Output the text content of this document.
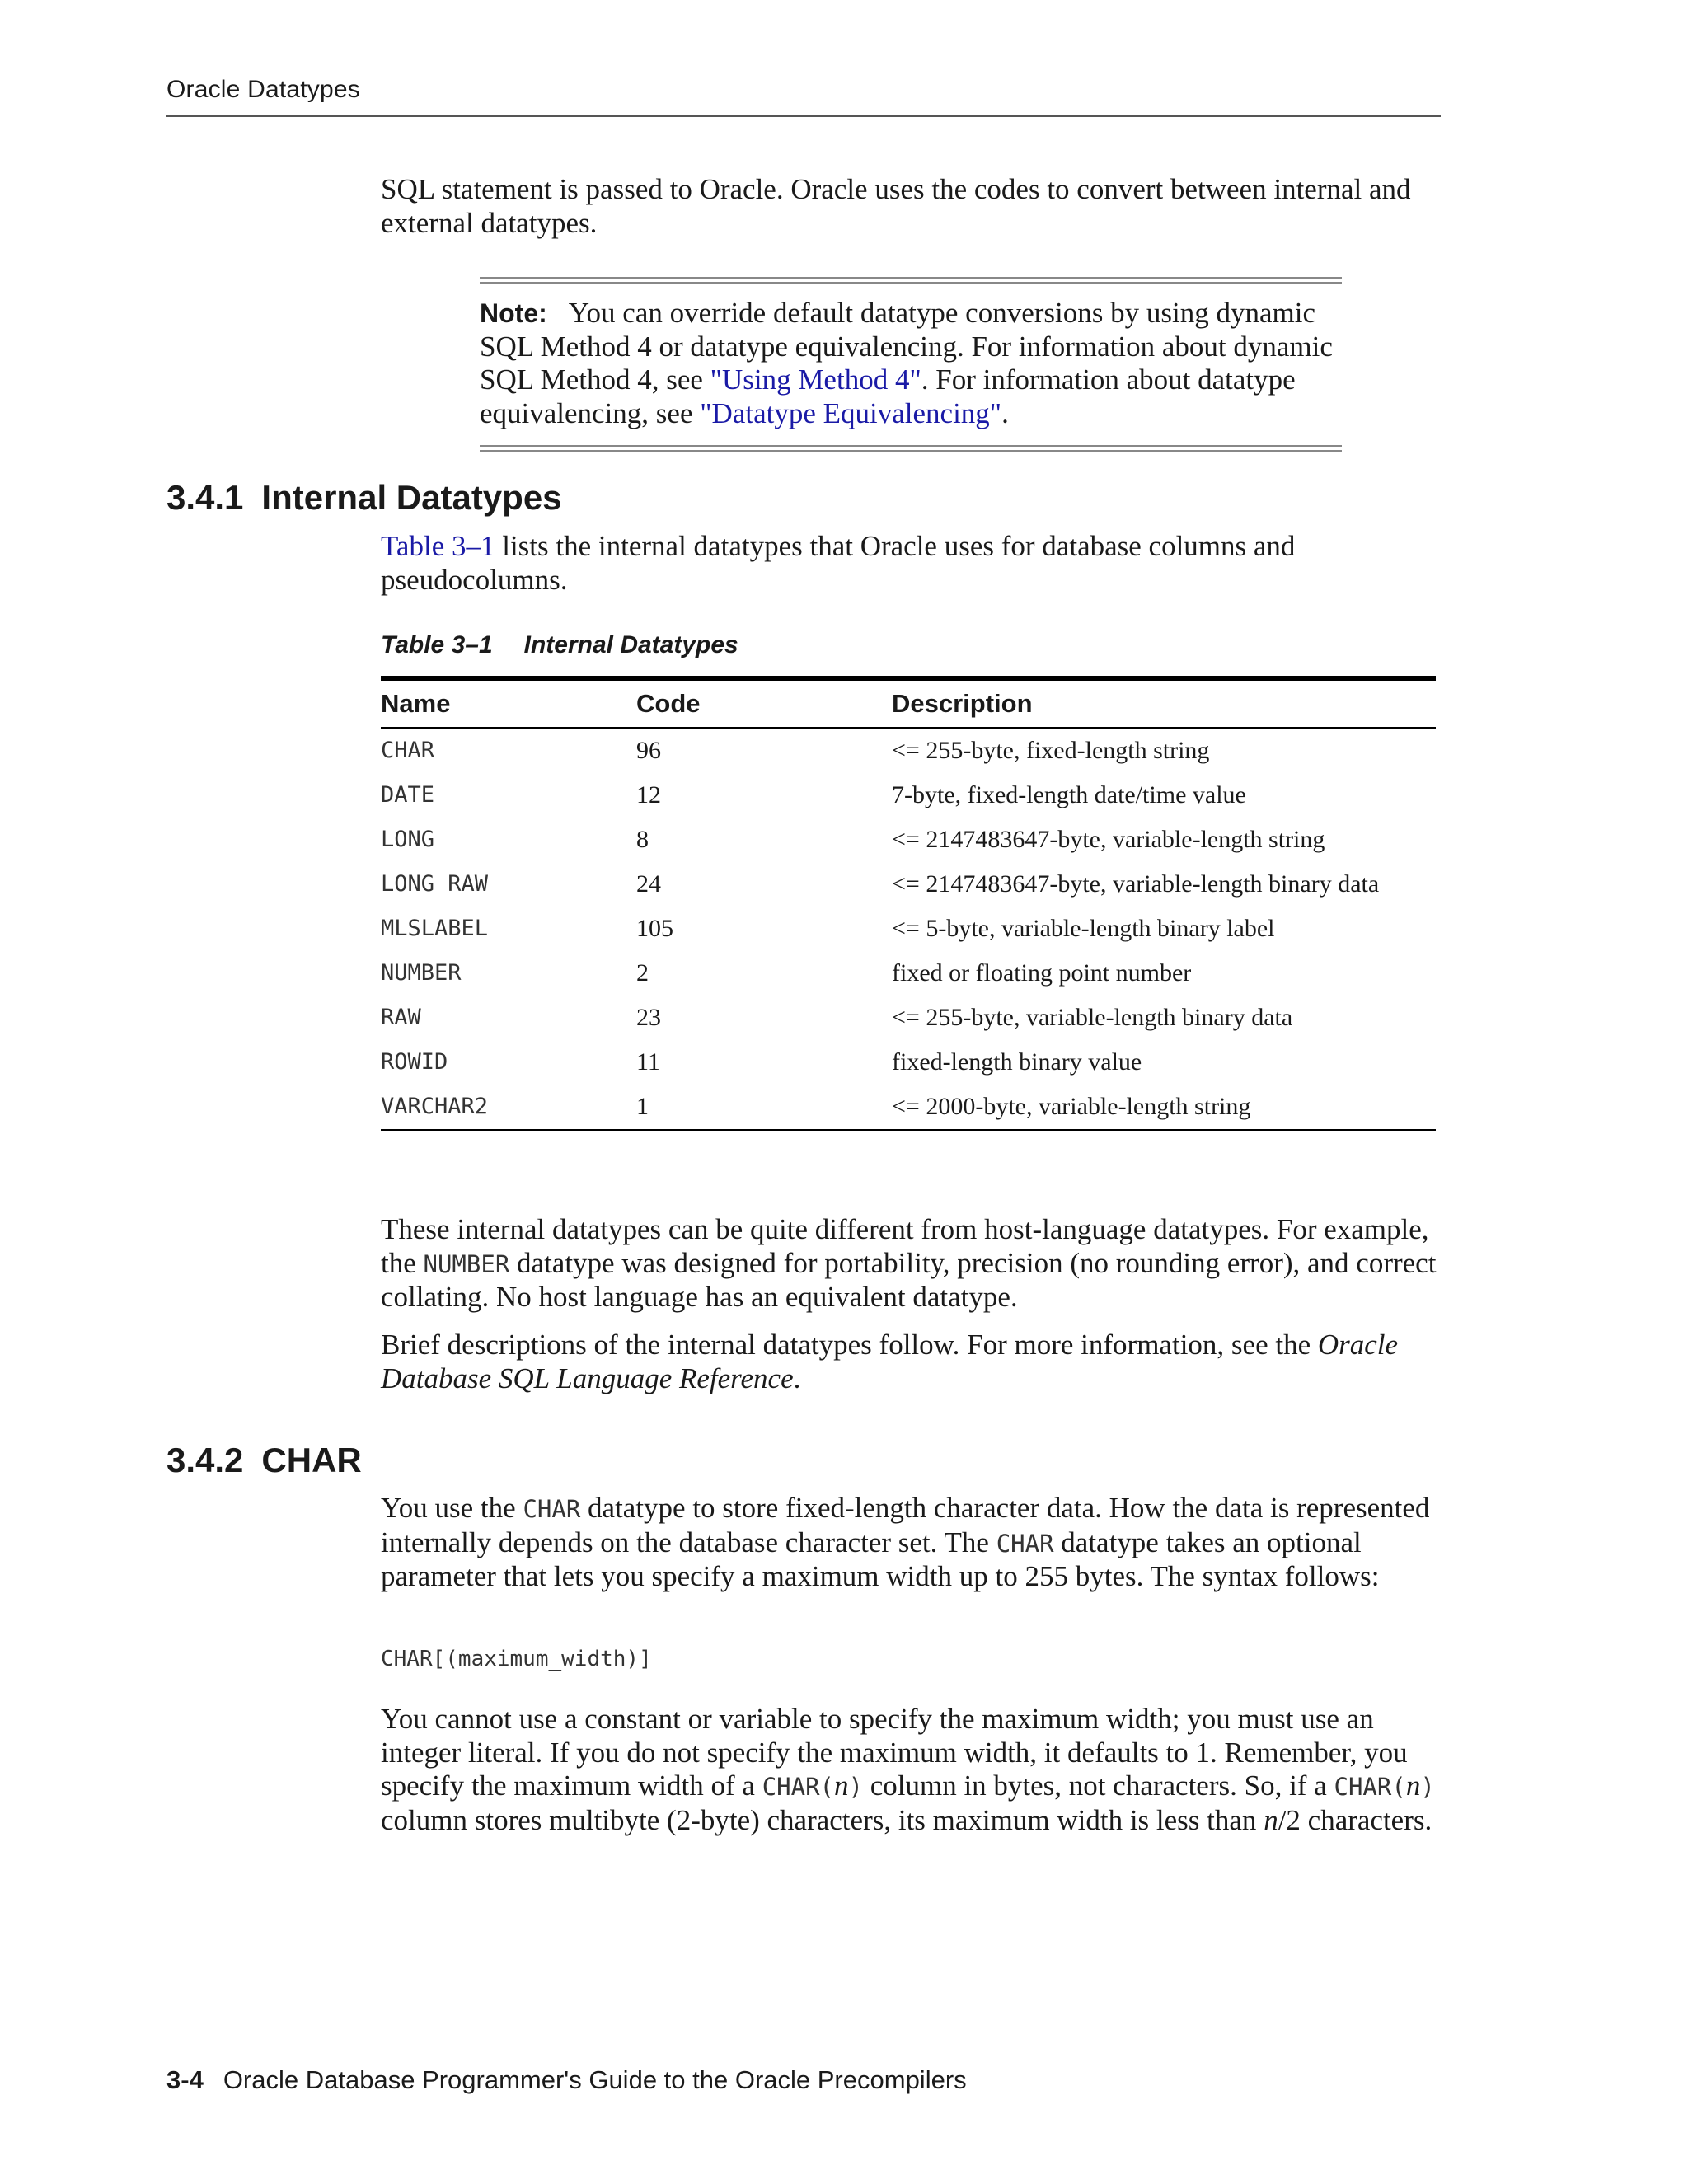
Oracle Datatypes
SQL statement is passed to Oracle. Oracle uses the codes to convert between internal and external datatypes.
Note: You can override default datatype conversions by using dynamic SQL Method 4 or datatype equivalencing. For information about dynamic SQL Method 4, see "Using Method 4". For information about datatype equivalencing, see "Datatype Equivalencing".
3.4.1 Internal Datatypes
Table 3–1 lists the internal datatypes that Oracle uses for database columns and pseudocolumns.
Table 3–1 Internal Datatypes
Name	Code	Description
CHAR	96	<= 255-byte, fixed-length string
DATE	12	7-byte, fixed-length date/time value
LONG	8	<= 2147483647-byte, variable-length string
LONG RAW	24	<= 2147483647-byte, variable-length binary data
MLSLABEL	105	<= 5-byte, variable-length binary label
NUMBER	2	fixed or floating point number
RAW	23	<= 255-byte, variable-length binary data
ROWID	11	fixed-length binary value
VARCHAR2	1	<= 2000-byte, variable-length string
These internal datatypes can be quite different from host-language datatypes. For example, the NUMBER datatype was designed for portability, precision (no rounding error), and correct collating. No host language has an equivalent datatype.
Brief descriptions of the internal datatypes follow. For more information, see the Oracle Database SQL Language Reference.
3.4.2 CHAR
You use the CHAR datatype to store fixed-length character data. How the data is represented internally depends on the database character set. The CHAR datatype takes an optional parameter that lets you specify a maximum width up to 255 bytes. The syntax follows:
CHAR[(maximum_width)]
You cannot use a constant or variable to specify the maximum width; you must use an integer literal. If you do not specify the maximum width, it defaults to 1. Remember, you specify the maximum width of a CHAR(n) column in bytes, not characters. So, if a CHAR(n) column stores multibyte (2-byte) characters, its maximum width is less than n/2 characters.
3-4 Oracle Database Programmer's Guide to the Oracle Precompilers
